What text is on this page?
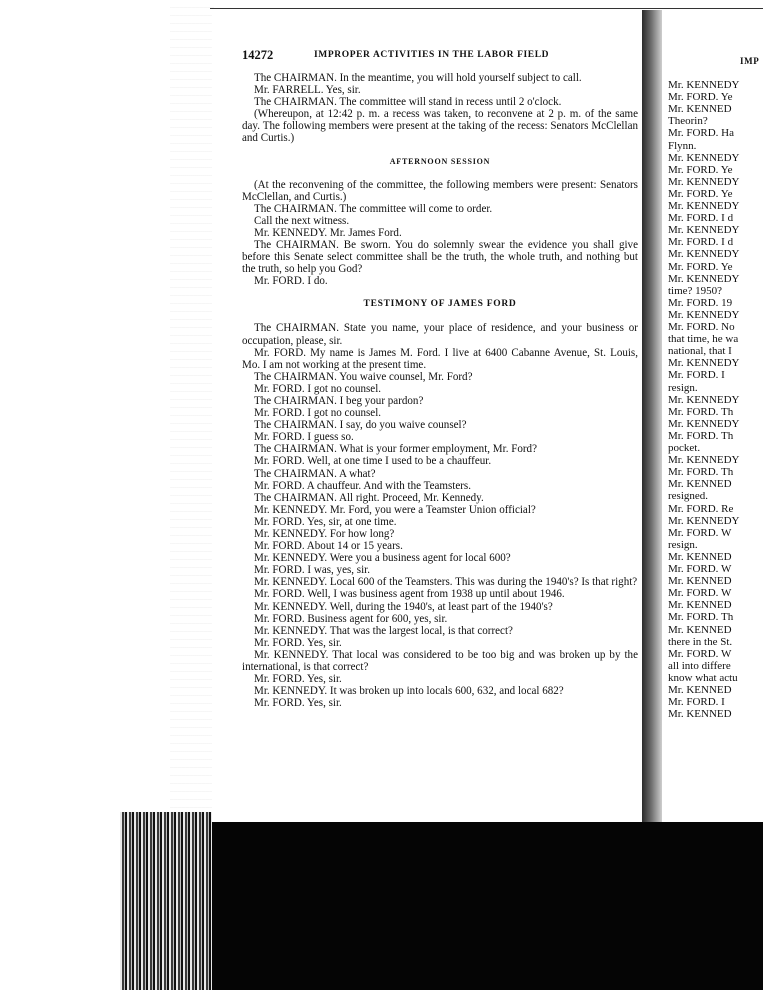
14272	IMPROPER ACTIVITIES IN THE LABOR FIELD

The CHAIRMAN. In the meantime, you will hold yourself subject to call.

Mr. FARRELL. Yes, sir.

The CHAIRMAN. The committee will stand in recess until 2 o'clock.

(Whereupon, at 12:42 p. m. a recess was taken, to reconvene at 2 p. m. of the same day. The following members were present at the taking of the recess: Senators McClellan and Curtis.)

AFTERNOON SESSION

(At the reconvening of the committee, the following members were present: Senators McClellan, and Curtis.)

The CHAIRMAN. The committee will come to order.

Call the next witness.

Mr. KENNEDY. Mr. James Ford.

The CHAIRMAN. Be sworn. You do solemnly swear the evidence you shall give before this Senate select committee shall be the truth, the whole truth, and nothing but the truth, so help you God?

Mr. FORD. I do.

TESTIMONY OF JAMES FORD

The CHAIRMAN. State you name, your place of residence, and your business or occupation, please, sir.

Mr. FORD. My name is James M. Ford. I live at 6400 Cabanne Avenue, St. Louis, Mo. I am not working at the present time.

The CHAIRMAN. You waive counsel, Mr. Ford?

Mr. FORD. I got no counsel.

The CHAIRMAN. I beg your pardon?

Mr. FORD. I got no counsel.

The CHAIRMAN. I say, do you waive counsel?

Mr. FORD. I guess so.

The CHAIRMAN. What is your former employment, Mr. Ford?

Mr. FORD. Well, at one time I used to be a chauffeur.

The CHAIRMAN. A what?

Mr. FORD. A chauffeur. And with the Teamsters.

The CHAIRMAN. All right. Proceed, Mr. Kennedy.

Mr. KENNEDY. Mr. Ford, you were a Teamster Union official?

Mr. FORD. Yes, sir, at one time.

Mr. KENNEDY. For how long?

Mr. FORD. About 14 or 15 years.

Mr. KENNEDY. Were you a business agent for local 600?

Mr. FORD. I was, yes, sir.

Mr. KENNEDY. Local 600 of the Teamsters. This was during the 1940's? Is that right?

Mr. FORD. Well, I was business agent from 1938 up until about 1946.

Mr. KENNEDY. Well, during the 1940's, at least part of the 1940's?

Mr. FORD. Business agent for 600, yes, sir.

Mr. KENNEDY. That was the largest local, is that correct?

Mr. FORD. Yes, sir.

Mr. KENNEDY. That local was considered to be too big and was broken up by the international, is that correct?

Mr. FORD. Yes, sir.

Mr. KENNEDY. It was broken up into locals 600, 632, and local 682?

Mr. FORD. Yes, sir.

IMP
Mr. KENNEDY
Mr. FORD. Ye
Mr. KENNED
Theorin?
Mr. FORD. Ha
Flynn.
Mr. KENNEDY
Mr. FORD. Ye
Mr. KENNEDY
Mr. FORD. Ye
Mr. KENNEDY
Mr. FORD. I d
Mr. KENNEDY
Mr. FORD. I d
Mr. KENNEDY
Mr. FORD. Ye
Mr. KENNEDY
time? 1950?
Mr. FORD. 19
Mr. KENNEDY
Mr. FORD. No
that time, he wa
national, that I
Mr. KENNEDY
Mr. FORD. I
resign.
Mr. KENNEDY
Mr. FORD. Th
Mr. KENNEDY
Mr. FORD. Th
pocket.
Mr. KENNEDY
Mr. FORD. Th
Mr. KENNED
resigned.
Mr. FORD. Re
Mr. KENNEDY
Mr. FORD. W
resign.
Mr. KENNED
Mr. FORD. W
Mr. KENNED
Mr. FORD. W
Mr. KENNED
Mr. FORD. Th
Mr. KENNED
there in the St.
Mr. FORD. W
all into differe
know what actu
Mr. KENNED
Mr. FORD. I
Mr. KENNED
